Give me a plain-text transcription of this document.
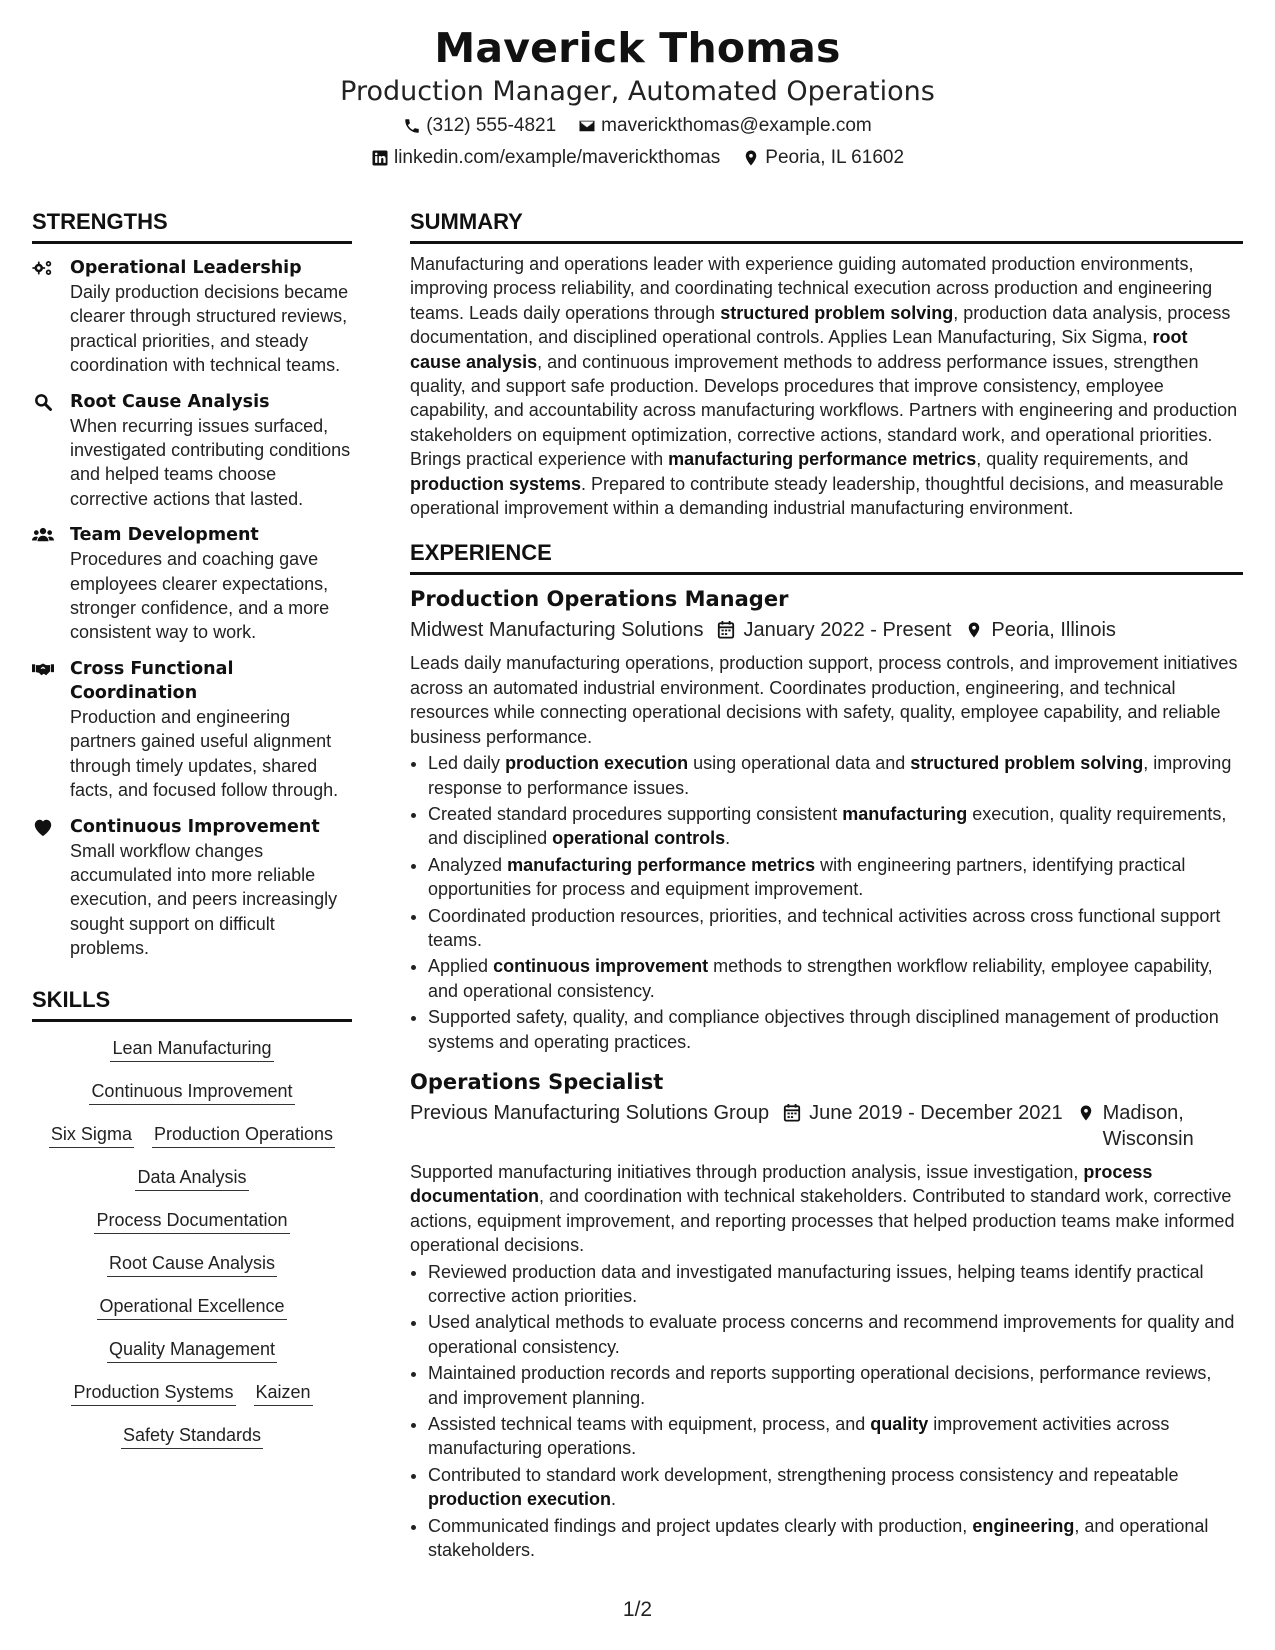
Maverick Thomas
Production Manager, Automated Operations
(312) 555-4821 maverickthomas@example.com
linkedin.com/example/maverickthomas Peoria, IL 61602
STRENGTHS
Operational Leadership
Daily production decisions became clearer through structured reviews, practical priorities, and steady coordination with technical teams.
Root Cause Analysis
When recurring issues surfaced, investigated contributing conditions and helped teams choose corrective actions that lasted.
Team Development
Procedures and coaching gave employees clearer expectations, stronger confidence, and a more consistent way to work.
Cross Functional Coordination
Production and engineering partners gained useful alignment through timely updates, shared facts, and focused follow through.
Continuous Improvement
Small workflow changes accumulated into more reliable execution, and peers increasingly sought support on difficult problems.
SKILLS
Lean Manufacturing
Continuous Improvement
Six Sigma Production Operations
Data Analysis
Process Documentation
Root Cause Analysis
Operational Excellence
Quality Management
Production Systems Kaizen
Safety Standards
SUMMARY
Manufacturing and operations leader with experience guiding automated production environments, improving process reliability, and coordinating technical execution across production and engineering teams. Leads daily operations through structured problem solving, production data analysis, process documentation, and disciplined operational controls. Applies Lean Manufacturing, Six Sigma, root cause analysis, and continuous improvement methods to address performance issues, strengthen quality, and support safe production. Develops procedures that improve consistency, employee capability, and accountability across manufacturing workflows. Partners with engineering and production stakeholders on equipment optimization, corrective actions, standard work, and operational priorities. Brings practical experience with manufacturing performance metrics, quality requirements, and production systems. Prepared to contribute steady leadership, thoughtful decisions, and measurable operational improvement within a demanding industrial manufacturing environment.
EXPERIENCE
Production Operations Manager
Midwest Manufacturing Solutions January 2022 - Present Peoria, Illinois
Leads daily manufacturing operations, production support, process controls, and improvement initiatives across an automated industrial environment. Coordinates production, engineering, and technical resources while connecting operational decisions with safety, quality, employee capability, and reliable business performance.
• Led daily production execution using operational data and structured problem solving, improving response to performance issues.
• Created standard procedures supporting consistent manufacturing execution, quality requirements, and disciplined operational controls.
• Analyzed manufacturing performance metrics with engineering partners, identifying practical opportunities for process and equipment improvement.
• Coordinated production resources, priorities, and technical activities across cross functional support teams.
• Applied continuous improvement methods to strengthen workflow reliability, employee capability, and operational consistency.
• Supported safety, quality, and compliance objectives through disciplined management of production systems and operating practices.
Operations Specialist
Previous Manufacturing Solutions Group June 2019 - December 2021 Madison, Wisconsin
Supported manufacturing initiatives through production analysis, issue investigation, process documentation, and coordination with technical stakeholders. Contributed to standard work, corrective actions, equipment improvement, and reporting processes that helped production teams make informed operational decisions.
• Reviewed production data and investigated manufacturing issues, helping teams identify practical corrective action priorities.
• Used analytical methods to evaluate process concerns and recommend improvements for quality and operational consistency.
• Maintained production records and reports supporting operational decisions, performance reviews, and improvement planning.
• Assisted technical teams with equipment, process, and quality improvement activities across manufacturing operations.
• Contributed to standard work development, strengthening process consistency and repeatable production execution.
• Communicated findings and project updates clearly with production, engineering, and operational stakeholders.
1/2
